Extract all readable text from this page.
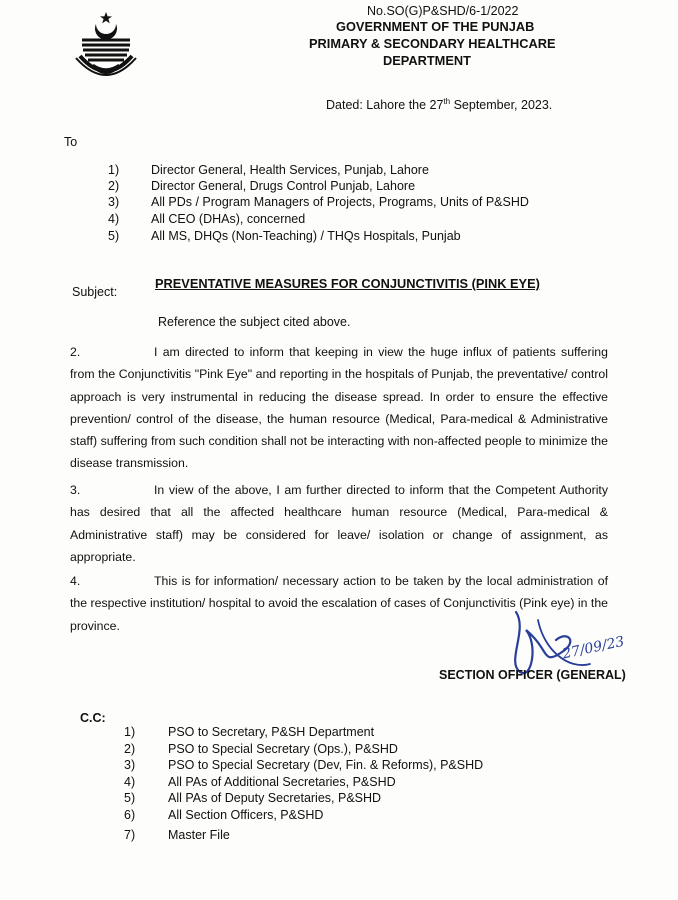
No.SO(G)P&SHD/6-1/2022
GOVERNMENT OF THE PUNJAB
PRIMARY & SECONDARY HEALTHCARE
DEPARTMENT
Dated: Lahore the 27th September, 2023.
To
1)	Director General, Health Services, Punjab, Lahore
2)	Director General, Drugs Control Punjab, Lahore
3)	All PDs / Program Managers of Projects, Programs, Units of P&SHD
4)	All CEO (DHAs), concerned
5)	All MS, DHQs (Non-Teaching) / THQs Hospitals, Punjab
Subject:
PREVENTATIVE MEASURES FOR CONJUNCTIVITIS (PINK EYE)
Reference the subject cited above.
2.	I am directed to inform that keeping in view the huge influx of patients suffering from the Conjunctivitis "Pink Eye" and reporting in the hospitals of Punjab, the preventative/ control approach is very instrumental in reducing the disease spread. In order to ensure the effective prevention/ control of the disease, the human resource (Medical, Para-medical & Administrative staff) suffering from such condition shall not be interacting with non-affected people to minimize the disease transmission.
3.	In view of the above, I am further directed to inform that the Competent Authority has desired that all the affected healthcare human resource (Medical, Para-medical & Administrative staff) may be considered for leave/ isolation or change of assignment, as appropriate.
4.	This is for information/ necessary action to be taken by the local administration of the respective institution/ hospital to avoid the escalation of cases of Conjunctivitis (Pink eye) in the province.
27/09/23
SECTION OFFICER (GENERAL)
C.C:
1)	PSO to Secretary, P&SH Department
2)	PSO to Special Secretary (Ops.), P&SHD
3)	PSO to Special Secretary (Dev, Fin. & Reforms), P&SHD
4)	All PAs of Additional Secretaries, P&SHD
5)	All PAs of Deputy Secretaries, P&SHD
6)	All Section Officers, P&SHD
7)	Master File
